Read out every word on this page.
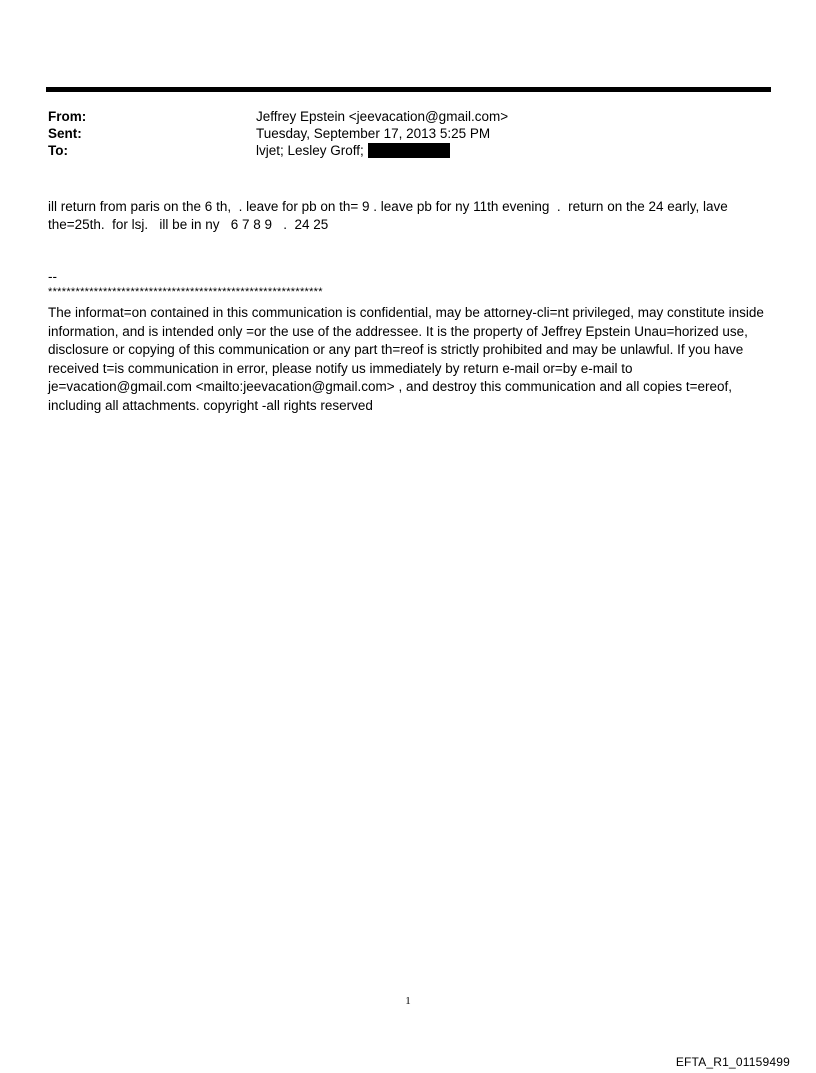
From:	Jeffrey Epstein <jeevacation@gmail.com>
Sent:	Tuesday, September 17, 2013 5:25 PM
To:	lvjet; Lesley Groff;
ill return from paris on the 6 th,  . leave for pb on th= 9 . leave pb for ny 11th evening  .  return on the 24 early, lave the=25th.  for lsj.   ill be in ny   6 7 8 9   .  24 25
--
************************************************************
The informat=on contained in this communication is confidential, may be attorney-cli=nt privileged, may constitute inside information, and is intended only =or the use of the addressee. It is the property of Jeffrey Epstein Unau=horized use, disclosure or copying of this communication or any part th=reof is strictly prohibited and may be unlawful. If you have received t=is communication in error, please notify us immediately by return e-mail or=by e-mail to je=vacation@gmail.com <mailto:jeevacation@gmail.com> , and destroy this communication and all copies t=ereof, including all attachments. copyright -all rights reserved
1
EFTA_R1_01159499
